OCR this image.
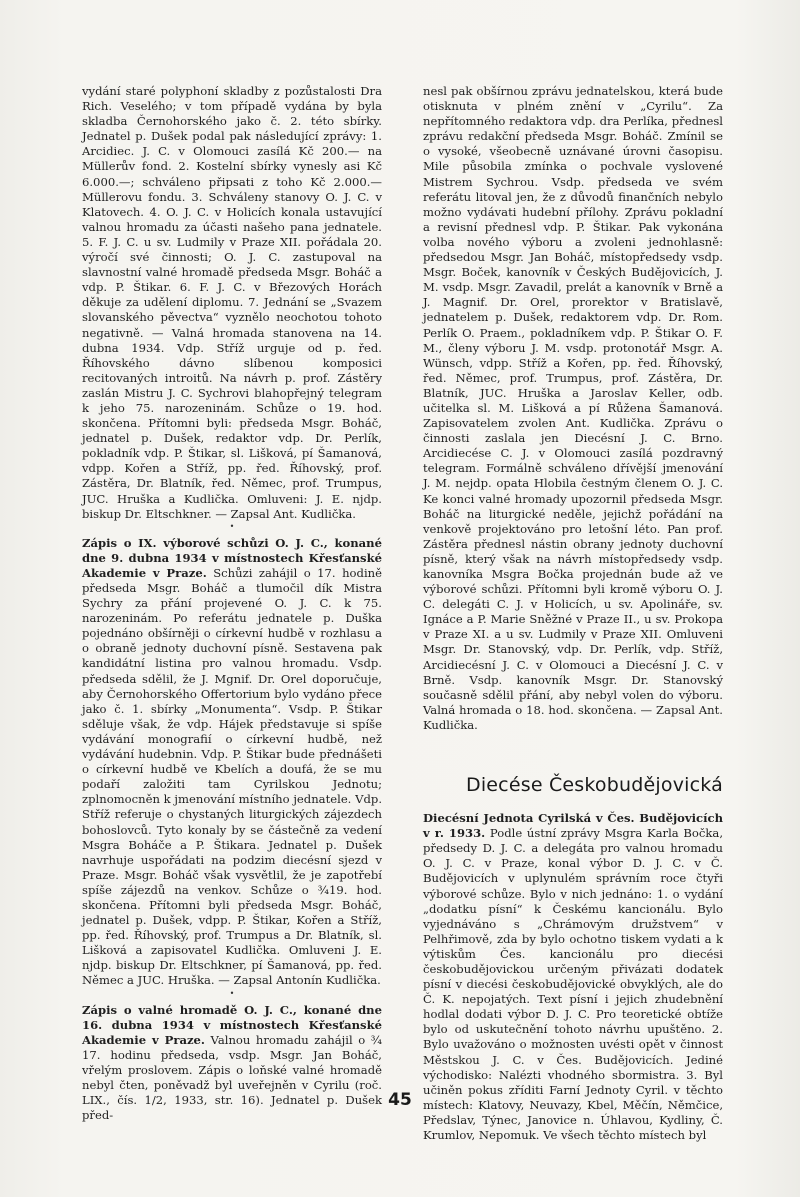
vydání staré polyphoní skladby z pozůstalosti Dra Rich. Veselého; v tom případě vydána by byla skladba Černohorského jako č. 2. této sbírky. Jednatel p. Dušek podal pak následující zprávy: 1. Arcidiec. J. C. v Olomouci zasílá Kč 200.— na Müllerův fond. 2. Kostelní sbírky vynesly asi Kč 6.000.—; schváleno připsati z toho Kč 2.000.— Müllerovu fondu. 3. Schváleny stanovy O. J. C. v Klatovech. 4. O. J. C. v Holicích konala ustavující valnou hromadu za účasti našeho pana jednatele. 5. F. J. C. u sv. Ludmily v Praze XII. pořádala 20. výročí své činnosti; O. J. C. zastupoval na slavnostní valné hromadě předseda Msgr. Boháč a vdp. P. Štikar. 6. F. J. C. v Březových Horách děkuje za udělení diplomu. 7. Jednání se „Svazem slovanského pěvectva“ vyznělo neochotou tohoto negativně. — Valná hromada stanovena na 14. dubna 1934. Vdp. Stříž urguje od p. řed. Říhovského dávno slíbenou komposici recitovaných introitů. Na návrh p. prof. Zástěry zaslán Mistru J. C. Sychrovi blahopřejný telegram k jeho 75. narozeninám. Schůze o 19. hod. skončena. Přítomni byli: předseda Msgr. Boháč, jednatel p. Dušek, redaktor vdp. Dr. Perlík, pokladník vdp. P. Štikar, sl. Lišková, pí Šamanová, vdpp. Kořen a Stříž, pp. řed. Říhovský, prof. Zástěra, Dr. Blatník, řed. Němec, prof. Trumpus, JUC. Hruška a Kudlička. Omluveni: J. E. njdp. biskup Dr. Eltschkner. — Zapsal Ant. Kudlička.

•

Zápis o IX. výborové schůzi O. J. C., konané dne 9. dubna 1934 v místnostech Křesťanské Akademie v Praze. Schůzi zahájil o 17. hodině předseda Msgr. Boháč a tlumočil dík Mistra Sychry za přání projevené O. J. C. k 75. narozeninám. Po referátu jednatele p. Duška pojednáno obšírněji o církevní hudbě v rozhlasu a o obraně jednoty duchovní písně. Sestavena pak kandidátní listina pro valnou hromadu. Vsdp. předseda sdělil, že J. Mgnif. Dr. Orel doporučuje, aby Černohorského Offertorium bylo vydáno přece jako č. 1. sbírky „Monumenta“. Vsdp. P. Štikar sděluje však, že vdp. Hájek představuje si spíše vydávání monografií o církevní hudbě, než vydávání hudebnin. Vdp. P. Štikar bude přednášeti o církevní hudbě ve Kbelích a doufá, že se mu podaří založiti tam Cyrilskou Jednotu; zplnomocněn k jmenování místního jednatele. Vdp. Stříž referuje o chystaných liturgických zájezdech bohoslovců. Tyto konaly by se částečně za vedení Msgra Boháče a P. Štikara. Jednatel p. Dušek navrhuje uspořádati na podzim diecésní sjezd v Praze. Msgr. Boháč však vysvětlil, že je zapotřebí spíše zájezdů na venkov. Schůze o ¾19. hod. skončena. Přítomni byli předseda Msgr. Boháč, jednatel p. Dušek, vdpp. P. Štikar, Kořen a Stříž, pp. řed. Říhovský, prof. Trumpus a Dr. Blatník, sl. Lišková a zapisovatel Kudlička. Omluveni J. E. njdp. biskup Dr. Eltschkner, pí Šamanová, pp. řed. Němec a JUC. Hruška. — Zapsal Antonín Kudlička.

•

Zápis o valné hromadě O. J. C., konané dne 16. dubna 1934 v místnostech Křesťanské Akademie v Praze. Valnou hromadu zahájil o ¾ 17. hodinu předseda, vsdp. Msgr. Jan Boháč, vřelým proslovem. Zápis o loňské valné hromadě nebyl čten, poněvadž byl uveřejněn v Cyrilu (roč. LIX., čís. 1/2, 1933, str. 16). Jednatel p. Dušek před-

nesl pak obšírnou zprávu jednatelskou, která bude otisknuta v plném znění v „Cyrilu“. Za nepřítomného redaktora vdp. dra Perlíka, přednesl zprávu redakční předseda Msgr. Boháč. Zmínil se o vysoké, všeobecně uznávané úrovni časopisu. Mile působila zmínka o pochvale vyslovené Mistrem Sychrou. Vsdp. předseda ve svém referátu litoval jen, že z důvodů finančních nebylo možno vydávati hudební přílohy. Zprávu pokladní a revisní přednesl vdp. P. Štikar. Pak vykonána volba nového výboru a zvoleni jednohlasně: předsedou Msgr. Jan Boháč, místopředsedy vsdp. Msgr. Boček, kanovník v Českých Budějovicích, J. M. vsdp. Msgr. Zavadil, prelát a kanovník v Brně a J. Magnif. Dr. Orel, prorektor v Bratislavě, jednatelem p. Dušek, redaktorem vdp. Dr. Rom. Perlík O. Praem., pokladníkem vdp. P. Štikar O. F. M., členy výboru J. M. vsdp. protonotář Msgr. A. Wünsch, vdpp. Stříž a Kořen, pp. řed. Říhovský, řed. Němec, prof. Trumpus, prof. Zástěra, Dr. Blatník, JUC. Hruška a Jaroslav Keller, odb. učitelka sl. M. Lišková a pí Růžena Šamanová. Zapisovatelem zvolen Ant. Kudlička. Zprávu o činnosti zaslala jen Diecésní J. C. Brno. Arcidiecése C. J. v Olomouci zasílá pozdravný telegram. Formálně schváleno dřívější jmenování J. M. nejdp. opata Hlobila čestným členem O. J. C. Ke konci valné hromady upozornil předseda Msgr. Boháč na liturgické neděle, jejichž pořádání na venkově projektováno pro letošní léto. Pan prof. Zástěra přednesl nástin obrany jednoty duchovní písně, který však na návrh místopředsedy vsdp. kanovníka Msgra Bočka projednán bude až ve výborové schůzi. Přítomni byli kromě výboru O. J. C. delegáti C. J. v Holicích, u sv. Apolináře, sv. Ignáce a P. Marie Sněžné v Praze II., u sv. Prokopa v Praze XI. a u sv. Ludmily v Praze XII. Omluveni Msgr. Dr. Stanovský, vdp. Dr. Perlík, vdp. Stříž, Arcidiecésní J. C. v Olomouci a Diecésní J. C. v Brně. Vsdp. kanovník Msgr. Dr. Stanovský současně sdělil přání, aby nebyl volen do výboru. Valná hromada o 18. hod. skončena. — Zapsal Ant. Kudlička.

Diecése Českobudějovická

Diecésní Jednota Cyrilská v Čes. Budějovicích v r. 1933. Podle ústní zprávy Msgra Karla Bočka, předsedy D. J. C. a delegáta pro valnou hromadu O. J. C. v Praze, konal výbor D. J. C. v Č. Budějovicích v uplynulém správním roce čtyři výborové schůze. Bylo v nich jednáno: 1. o vydání „dodatku písní“ k Českému kancionálu. Bylo vyjednáváno s „Chrámovým družstvem“ v Pelhřimově, zda by bylo ochotno tiskem vydati a k výtiskům Čes. kancionálu pro diecési českobudějovickou určeným přivázati dodatek písní v diecési českobudějovické obvyklých, ale do Č. K. nepojatých. Text písní i jejich zhudebnění hodlal dodati výbor D. J. C. Pro teoretické obtíže bylo od uskutečnění tohoto návrhu upuštěno. 2. Bylo uvažováno o možnosten uvésti opět v činnost Městskou J. C. v Čes. Budějovicích. Jediné východisko: Nalézti vhodného sbormistra. 3. Byl učiněn pokus zříditi Farní Jednoty Cyril. v těchto místech: Klatovy, Neuvazy, Kbel, Měčín, Němčice, Předslav, Týnec, Janovice n. Úhlavou, Kydliny, Č. Krumlov, Nepomuk. Ve všech těchto místech byl

45
